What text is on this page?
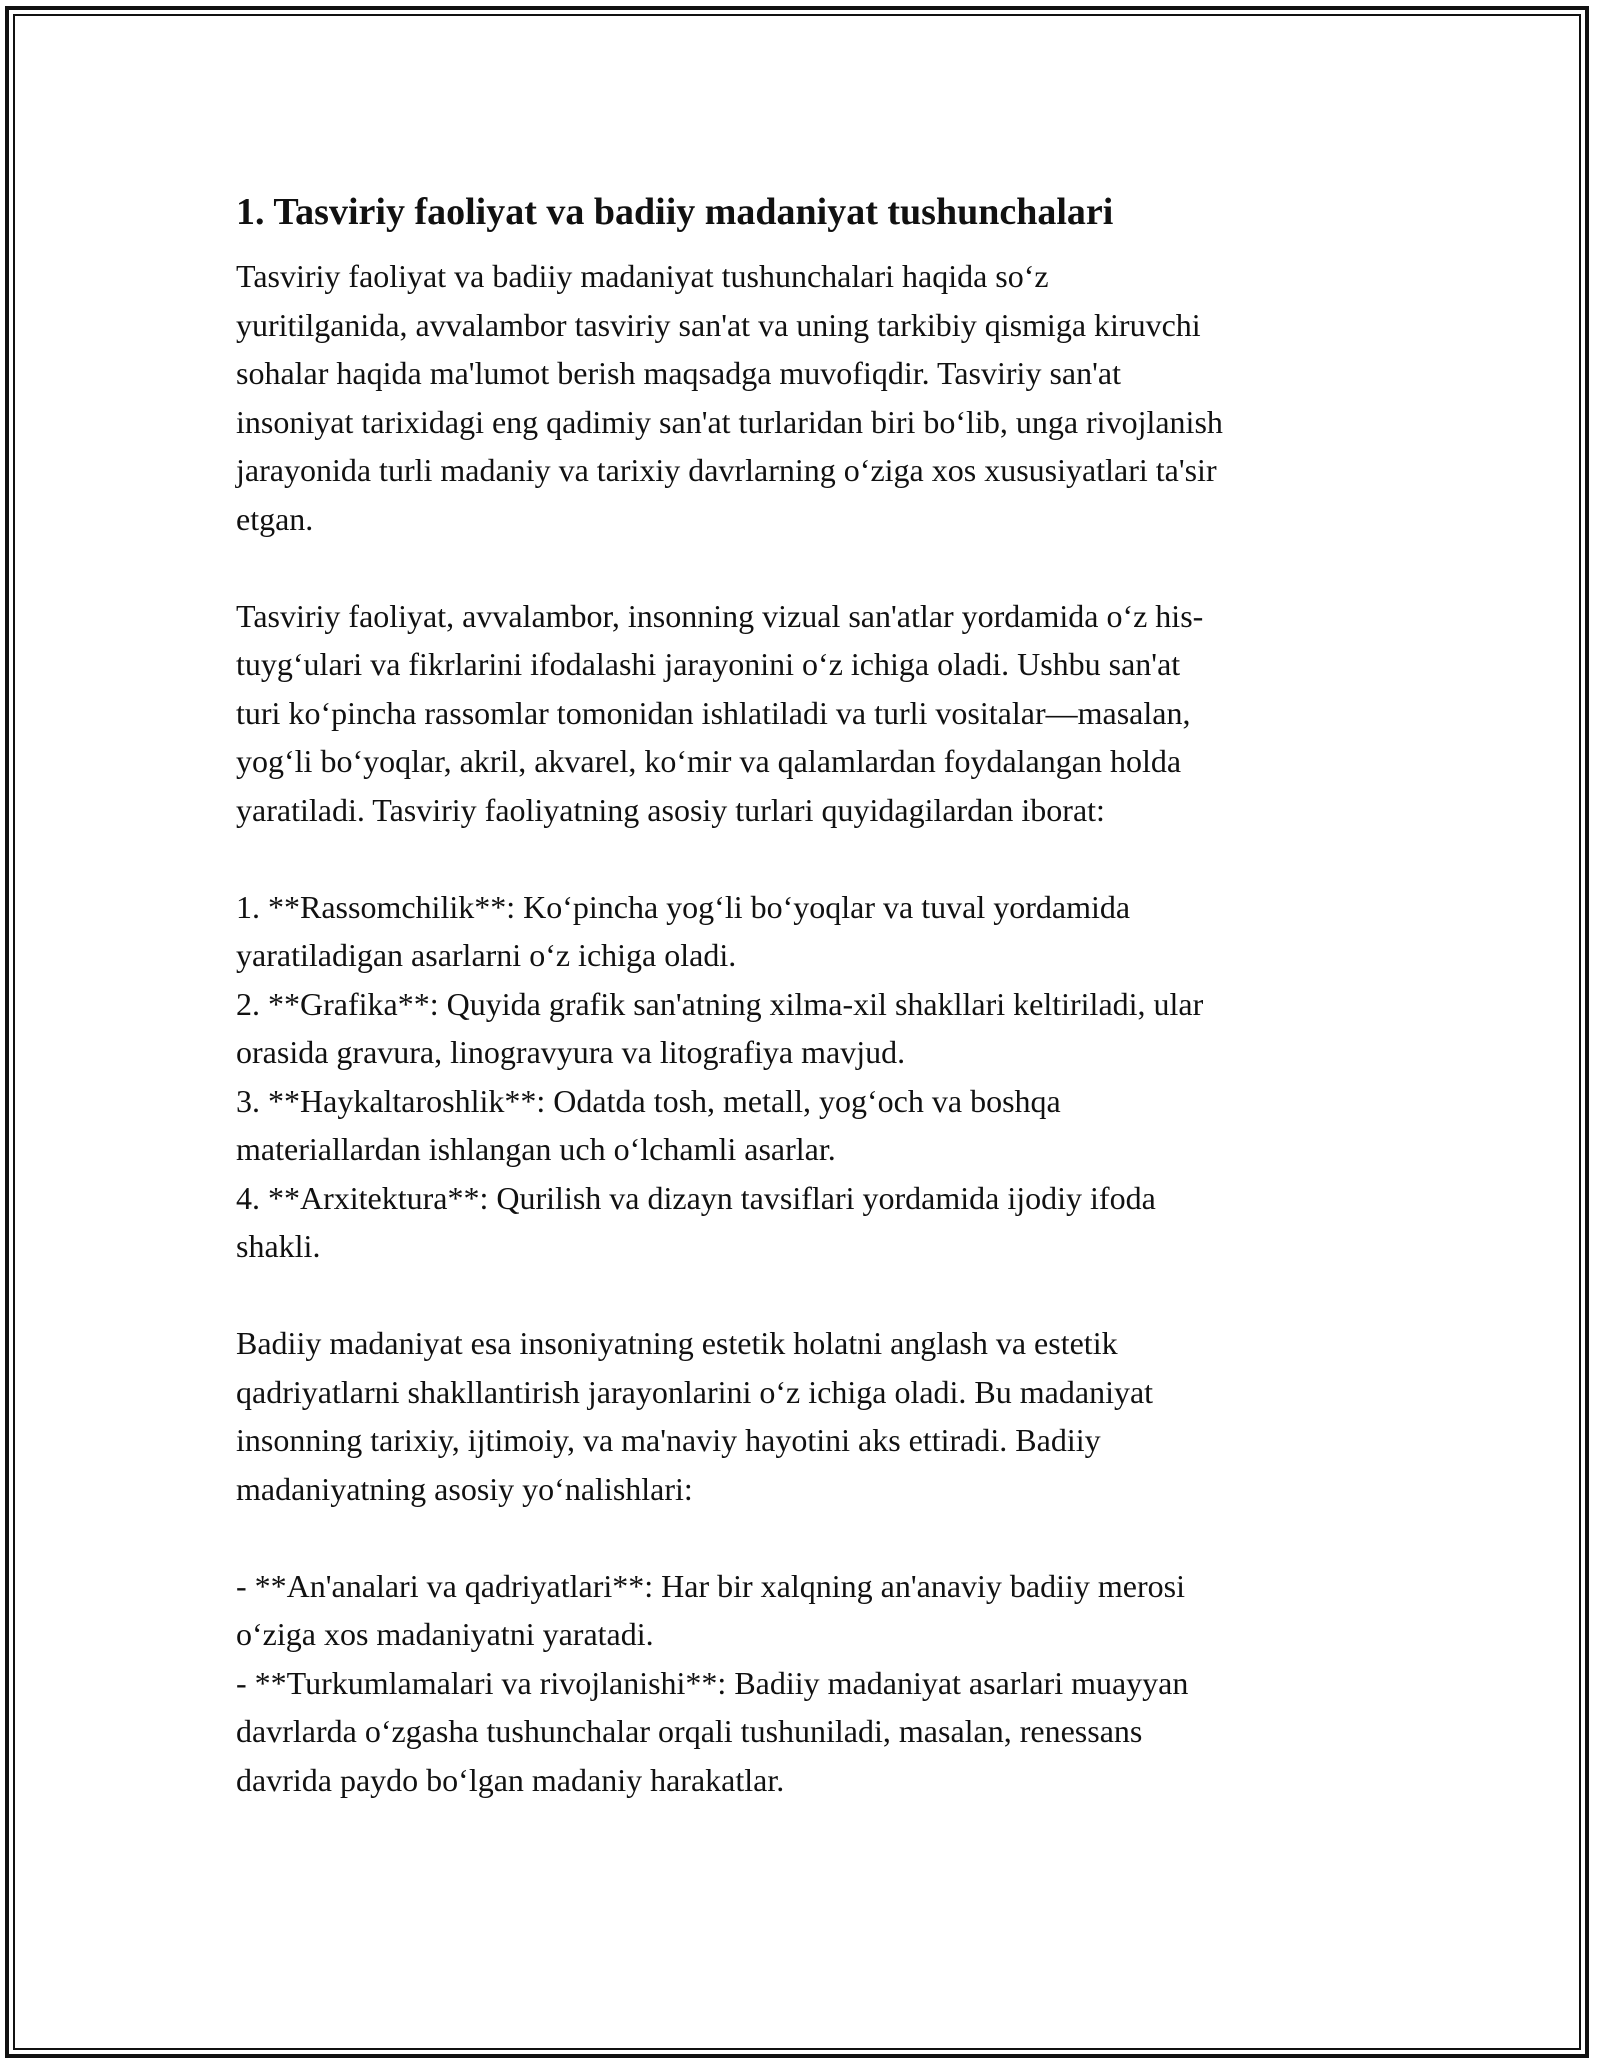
1. Tasviriy faoliyat va badiiy madaniyat tushunchalari
Tasviriy faoliyat va badiiy madaniyat tushunchalari haqida so‘z
yuritilganida, avvalambor tasviriy san'at va uning tarkibiy qismiga kiruvchi
sohalar haqida ma'lumot berish maqsadga muvofiqdir. Tasviriy san'at
insoniyat tarixidagi eng qadimiy san'at turlaridan biri bo‘lib, unga rivojlanish
jarayonida turli madaniy va tarixiy davrlarning o‘ziga xos xususiyatlari ta'sir
etgan.
Tasviriy faoliyat, avvalambor, insonning vizual san'atlar yordamida o‘z his-
tuyg‘ulari va fikrlarini ifodalashi jarayonini o‘z ichiga oladi. Ushbu san'at
turi ko‘pincha rassomlar tomonidan ishlatiladi va turli vositalar—masalan,
yog‘li bo‘yoqlar, akril, akvarel, ko‘mir va qalamlardan foydalangan holda
yaratiladi. Tasviriy faoliyatning asosiy turlari quyidagilardan iborat:
1. **Rassomchilik**: Ko‘pincha yog‘li bo‘yoqlar va tuval yordamida
yaratiladigan asarlarni o‘z ichiga oladi.
2. **Grafika**: Quyida grafik san'atning xilma-xil shakllari keltiriladi, ular
orasida gravura, linogravyura va litografiya mavjud.
3. **Haykaltaroshlik**: Odatda tosh, metall, yog‘och va boshqa
materiallardan ishlangan uch o‘lchamli asarlar.
4. **Arxitektura**: Qurilish va dizayn tavsiflari yordamida ijodiy ifoda
shakli.
Badiiy madaniyat esa insoniyatning estetik holatni anglash va estetik
qadriyatlarni shakllantirish jarayonlarini o‘z ichiga oladi. Bu madaniyat
insonning tarixiy, ijtimoiy, va ma'naviy hayotini aks ettiradi. Badiiy
madaniyatning asosiy yo‘nalishlari:
- **An'analari va qadriyatlari**: Har bir xalqning an'anaviy badiiy merosi
o‘ziga xos madaniyatni yaratadi.
- **Turkumlamalari va rivojlanishi**: Badiiy madaniyat asarlari muayyan
davrlarda o‘zgasha tushunchalar orqali tushuniladi, masalan, renessans
davrida paydo bo‘lgan madaniy harakatlar.
